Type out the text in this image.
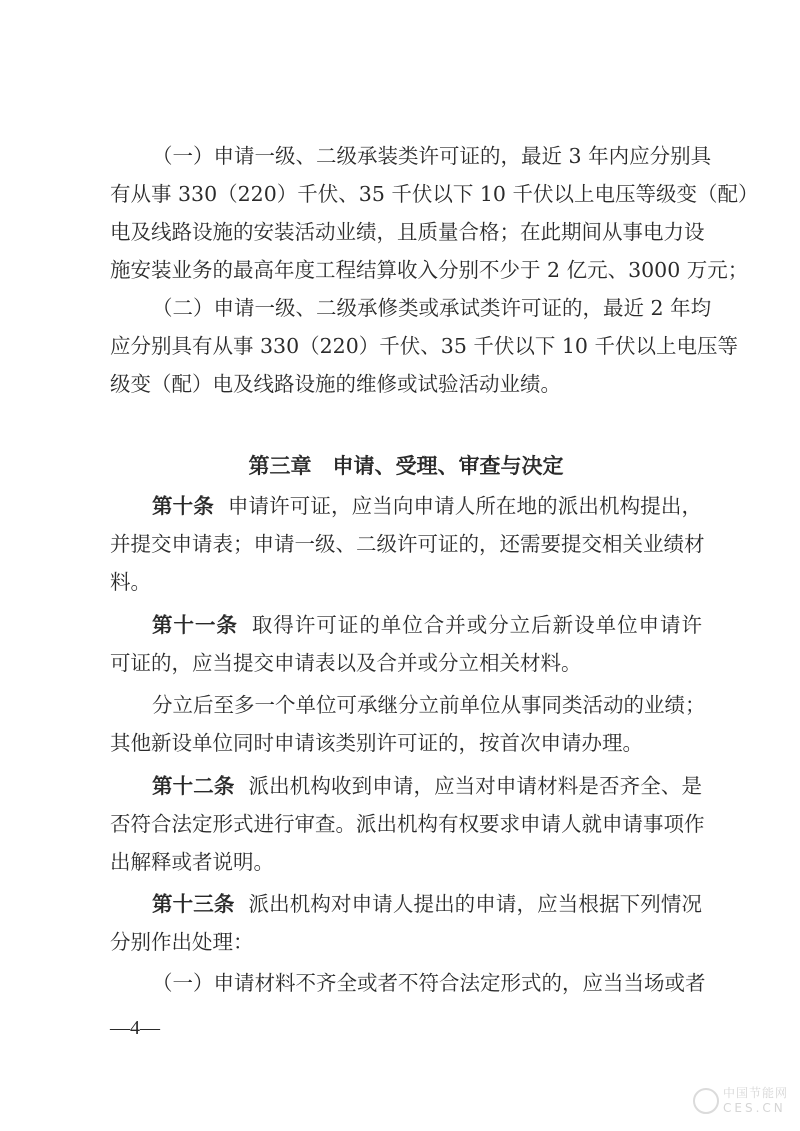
（一）申请一级、二级承装类许可证的，最近 3 年内应分别具
有从事 330（220）千伏、35 千伏以下 10 千伏以上电压等级变（配）
电及线路设施的安装活动业绩，且质量合格；在此期间从事电力设
施安装业务的最高年度工程结算收入分别不少于 2 亿元、3000 万元；
（二）申请一级、二级承修类或承试类许可证的，最近 2 年均
应分别具有从事 330（220）千伏、35 千伏以下 10 千伏以上电压等
级变（配）电及线路设施的维修或试验活动业绩。
第三章　申请、受理、审查与决定
第十条 申请许可证，应当向申请人所在地的派出机构提出，
并提交申请表；申请一级、二级许可证的，还需要提交相关业绩材
料。
第十一条 取得许可证的单位合并或分立后新设单位申请许
可证的，应当提交申请表以及合并或分立相关材料。
分立后至多一个单位可承继分立前单位从事同类活动的业绩；
其他新设单位同时申请该类别许可证的，按首次申请办理。
第十二条 派出机构收到申请，应当对申请材料是否齐全、是
否符合法定形式进行审查。派出机构有权要求申请人就申请事项作
出解释或者说明。
第十三条 派出机构对申请人提出的申请，应当根据下列情况
分别作出处理：
（一）申请材料不齐全或者不符合法定形式的，应当当场或者
—4—
中国节能网
CES.CN
